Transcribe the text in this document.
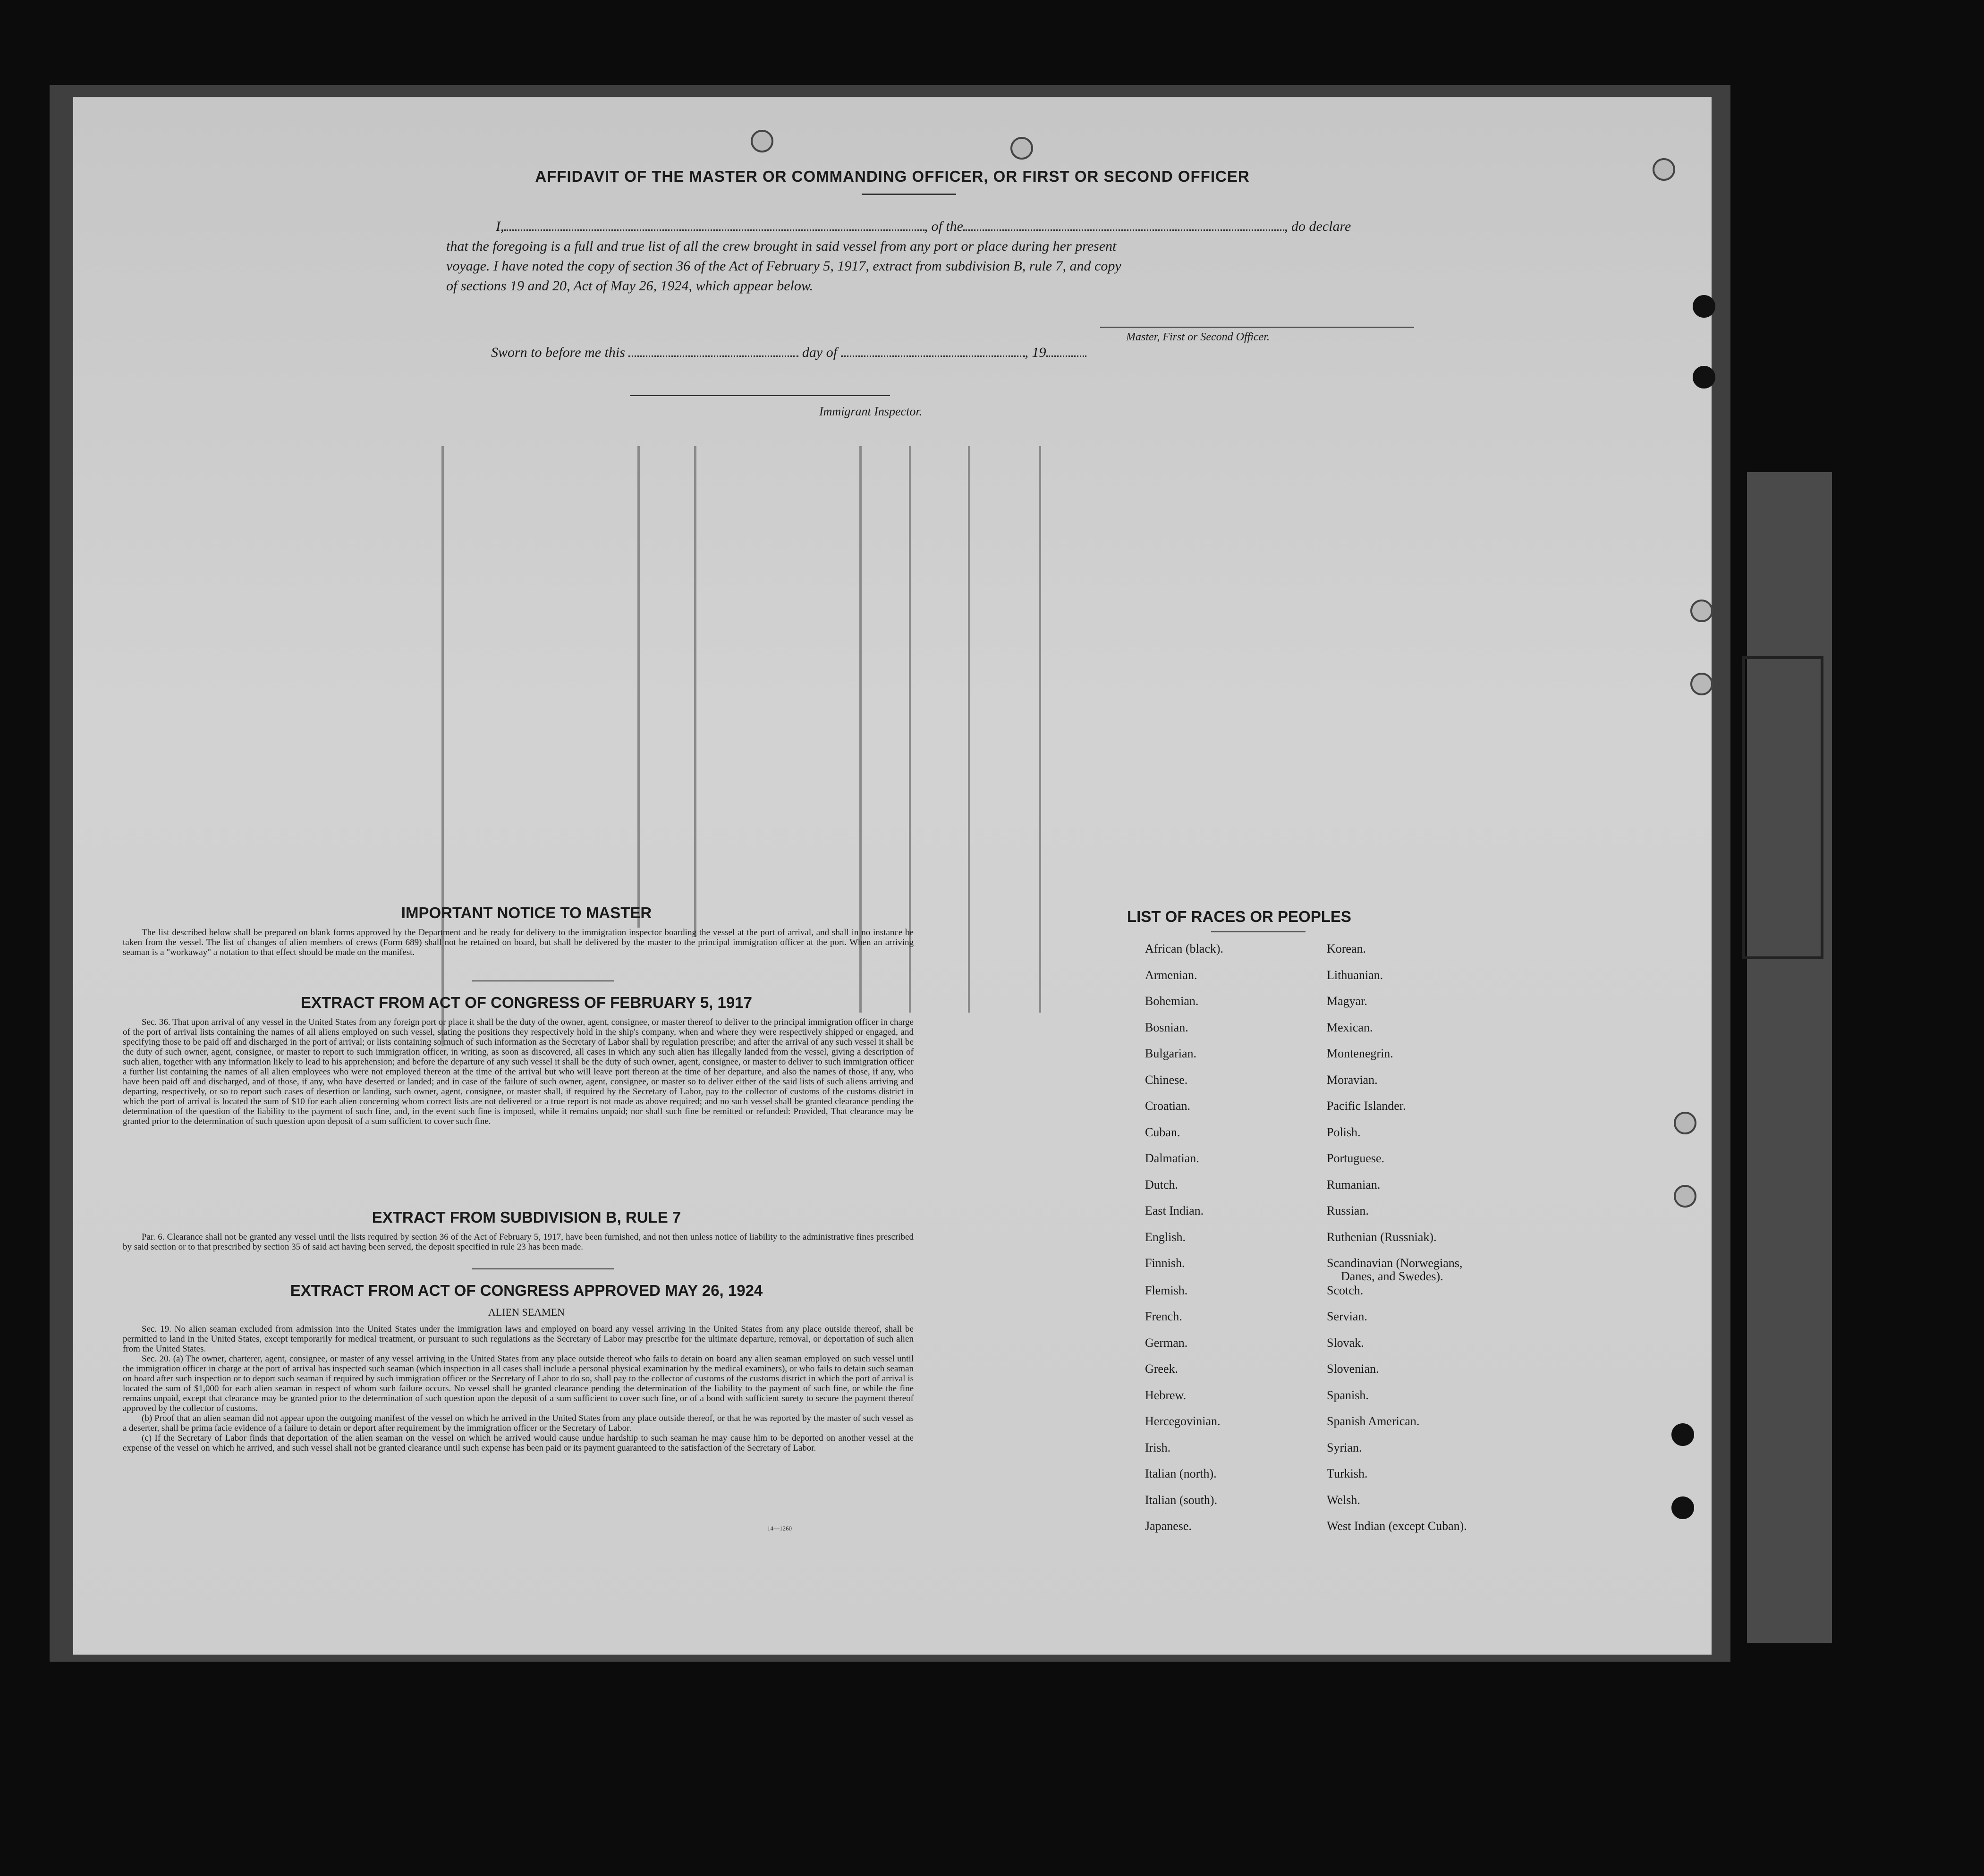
AFFIDAVIT OF THE MASTER OR COMMANDING OFFICER, OR FIRST OR SECOND OFFICER
I,	, of the	, do declare
that the foregoing is a full and true list of all the crew brought in said vessel from any port or place during her present
voyage. I have noted the copy of section 36 of the Act of February 5, 1917, extract from subdivision B, rule 7, and copy
of sections 19 and 20, Act of May 26, 1924, which appear below.
Master, First or Second Officer.
Sworn to before me this	day of	, 19
Immigrant Inspector.
IMPORTANT NOTICE TO MASTER

The list described below shall be prepared on blank forms approved by the Department and be ready for delivery to the immigration inspector boarding the vessel at the port of arrival, and shall in no instance be taken from the vessel. The list of changes of alien members of crews (Form 689) shall not be retained on board, but shall be delivered by the master to the principal immigration officer at the port. When an arriving seaman is a "workaway" a notation to that effect should be made on the manifest.

EXTRACT FROM ACT OF CONGRESS OF FEBRUARY 5, 1917

Sec. 36. That upon arrival of any vessel in the United States from any foreign port or place it shall be the duty of the owner, agent, consignee, or master thereof to deliver to the principal immigration officer in charge of the port of arrival lists containing the names of all aliens employed on such vessel, stating the positions they respectively hold in the ship's company, when and where they were respectively shipped or engaged, and specifying those to be paid off and discharged in the port of arrival; or lists containing so much of such information as the Secretary of Labor shall by regulation prescribe; and after the arrival of any such vessel it shall be the duty of such owner, agent, consignee, or master to report to such immigration officer, in writing, as soon as discovered, all cases in which any such alien has illegally landed from the vessel, giving a description of such alien, together with any information likely to lead to his apprehension; and before the departure of any such vessel it shall be the duty of such owner, agent, consignee, or master to deliver to such immigration officer a further list containing the names of all alien employees who were not employed thereon at the time of the arrival but who will leave port thereon at the time of her departure, and also the names of those, if any, who have been paid off and discharged, and of those, if any, who have deserted or landed; and in case of the failure of such owner, agent, consignee, or master so to deliver either of the said lists of such aliens arriving and departing, respectively, or so to report such cases of desertion or landing, such owner, agent, consignee, or master shall, if required by the Secretary of Labor, pay to the collector of customs of the customs district in which the port of arrival is located the sum of $10 for each alien concerning whom correct lists are not delivered or a true report is not made as above required; and no such vessel shall be granted clearance pending the determination of the question of the liability to the payment of such fine, and, in the event such fine is imposed, while it remains unpaid; nor shall such fine be remitted or refunded: Provided, That clearance may be granted prior to the determination of such question upon deposit of a sum sufficient to cover such fine.

EXTRACT FROM SUBDIVISION B, RULE 7

Par. 6. Clearance shall not be granted any vessel until the lists required by section 36 of the Act of February 5, 1917, have been furnished, and not then unless notice of liability to the administrative fines prescribed by said section or to that prescribed by section 35 of said act having been served, the deposit specified in rule 23 has been made.

EXTRACT FROM ACT OF CONGRESS APPROVED MAY 26, 1924
ALIEN SEAMEN

Sec. 19. No alien seaman excluded from admission into the United States under the immigration laws and employed on board any vessel arriving in the United States from any place outside thereof, shall be permitted to land in the United States, except temporarily for medical treatment, or pursuant to such regulations as the Secretary of Labor may prescribe for the ultimate departure, removal, or deportation of such alien from the United States.

Sec. 20. (a) The owner, charterer, agent, consignee, or master of any vessel arriving in the United States from any place outside thereof who fails to detain on board any alien seaman employed on such vessel until the immigration officer in charge at the port of arrival has inspected such seaman (which inspection in all cases shall include a personal physical examination by the medical examiners), or who fails to detain such seaman on board after such inspection or to deport such seaman if required by such immigration officer or the Secretary of Labor to do so, shall pay to the collector of customs of the customs district in which the port of arrival is located the sum of $1,000 for each alien seaman in respect of whom such failure occurs. No vessel shall be granted clearance pending the determination of the liability to the payment of such fine, or while the fine remains unpaid, except that clearance may be granted prior to the determination of such question upon the deposit of a sum sufficient to cover such fine, or of a bond with sufficient surety to secure the payment thereof approved by the collector of customs.

(b) Proof that an alien seaman did not appear upon the outgoing manifest of the vessel on which he arrived in the United States from any place outside thereof, or that he was reported by the master of such vessel as a deserter, shall be prima facie evidence of a failure to detain or deport after requirement by the immigration officer or the Secretary of Labor.

(c) If the Secretary of Labor finds that deportation of the alien seaman on the vessel on which he arrived would cause undue hardship to such seaman he may cause him to be deported on another vessel at the expense of the vessel on which he arrived, and such vessel shall not be granted clearance until such expense has been paid or its payment guaranteed to the satisfaction of the Secretary of Labor.

14—1260
LIST OF RACES OR PEOPLES
African (black).	Korean.
Armenian.	Lithuanian.
Bohemian.	Magyar.
Bosnian.	Mexican.
Bulgarian.	Montenegrin.
Chinese.	Moravian.
Croatian.	Pacific Islander.
Cuban.	Polish.
Dalmatian.	Portuguese.
Dutch.	Rumanian.
East Indian.	Russian.
English.	Ruthenian (Russniak).
Finnish.	Scandinavian (Norwegians,
Danes, and Swedes).
Flemish.	Scotch.
French.	Servian.
German.	Slovak.
Greek.	Slovenian.
Hebrew.	Spanish.
Hercegovinian.	Spanish American.
Irish.	Syrian.
Italian (north).	Turkish.
Italian (south).	Welsh.
Japanese.	West Indian (except Cuban).
